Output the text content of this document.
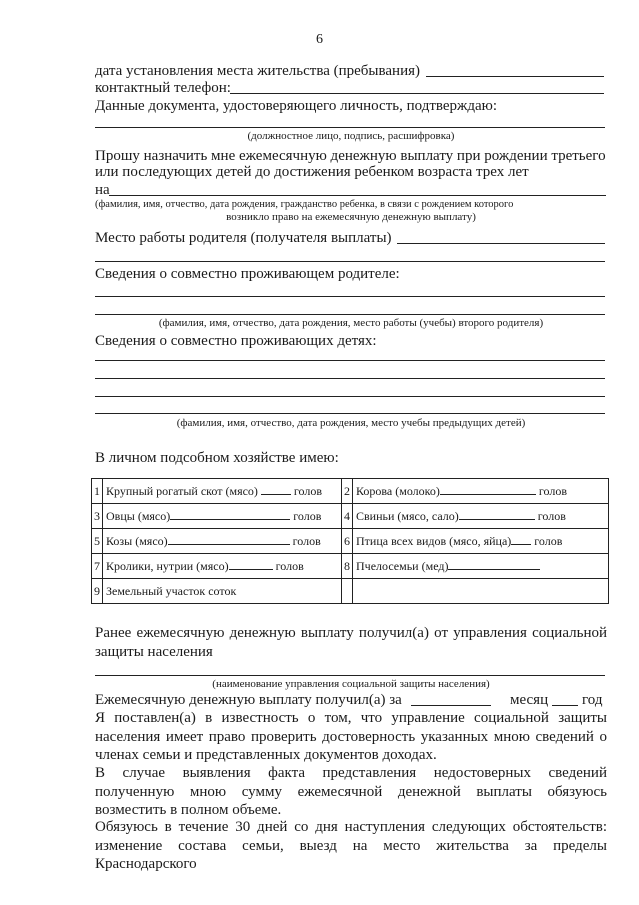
6
дата установления места жительства (пребывания)
контактный телефон:
Данные документа, удостоверяющего личность, подтверждаю:
(должностное лицо, подпись, расшифровка)
Прошу назначить мне ежемесячную денежную выплату при рождении третьего
или последующих детей до достижения ребенком возраста трех лет
на
(фамилия, имя, отчество, дата рождения, гражданство ребенка, в связи с рождением которого
возникло право на ежемесячную денежную выплату)
Место работы родителя (получателя выплаты)
Сведения о совместно проживающем родителе:
(фамилия, имя, отчество, дата рождения, место работы (учебы) второго родителя)
Сведения о совместно проживающих детях:
(фамилия, имя, отчество, дата рождения, место учебы предыдущих детей)
В личном подсобном хозяйстве имею:
1	Крупный рогатый скот (мясо) голов	2	Корова (молоко) голов
3	Овцы (мясо) голов	4	Свиньи (мясо, сало) голов
5	Козы (мясо) голов	6	Птица всех видов (мясо, яйца) голов
7	Кролики, нутрии (мясо) голов	8	Пчелосемьи (мед)
9	Земельный участок соток		
Ранее ежемесячную денежную выплату получил(а) от управления социальной защиты населения
(наименование управления социальной защиты населения)
Ежемесячную денежную выплату получил(а) за	месяц год
Я поставлен(а) в известность о том, что управление социальной защиты населения имеет право проверить достоверность указанных мною сведений о членах семьи и представленных документов доходах.
В случае выявления факта представления недостоверных сведений полученную мною сумму ежемесячной денежной выплаты обязуюсь возместить в полном объеме.
Обязуюсь в течение 30 дней со дня наступления следующих обстоятельств: изменение состава семьи, выезд на место жительства за пределы Краснодарского
